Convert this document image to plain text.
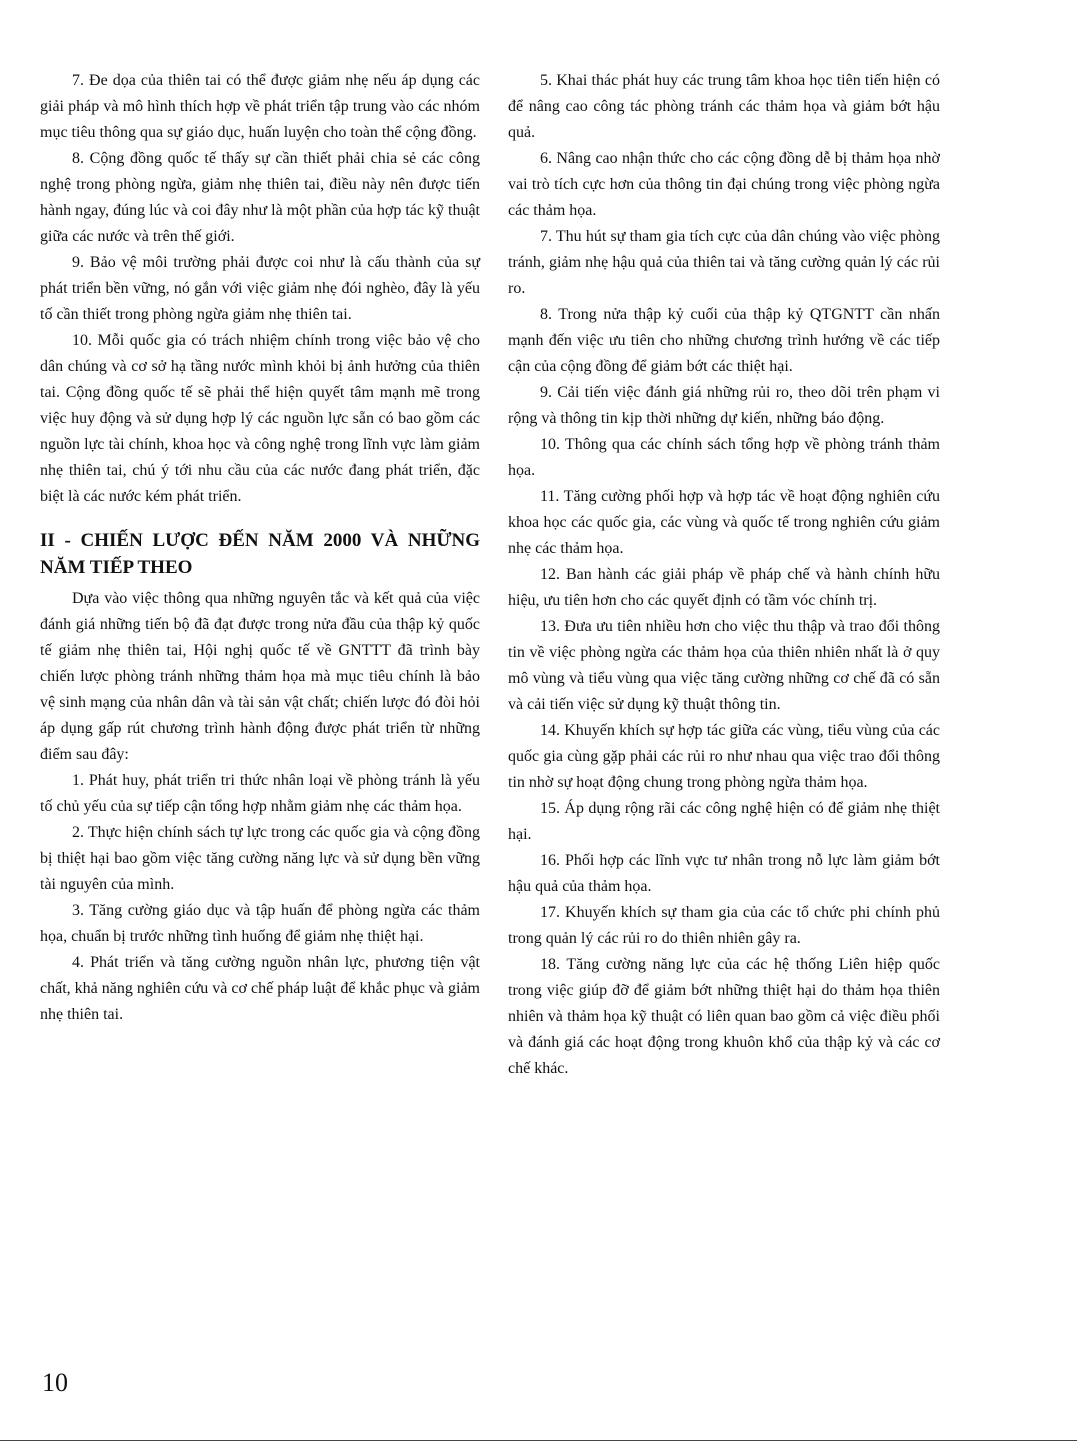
7. Đe dọa của thiên tai có thể được giảm nhẹ nếu áp dụng các giải pháp và mô hình thích hợp về phát triển tập trung vào các nhóm mục tiêu thông qua sự giáo dục, huấn luyện cho toàn thể cộng đồng.

8. Cộng đồng quốc tế thấy sự cần thiết phải chia sẻ các công nghệ trong phòng ngừa, giảm nhẹ thiên tai, điều này nên được tiến hành ngay, đúng lúc và coi đây như là một phần của hợp tác kỹ thuật giữa các nước và trên thế giới.

9. Bảo vệ môi trường phải được coi như là cấu thành của sự phát triển bền vững, nó gắn với việc giảm nhẹ đói nghèo, đây là yếu tố cần thiết trong phòng ngừa giảm nhẹ thiên tai.

10. Mỗi quốc gia có trách nhiệm chính trong việc bảo vệ cho dân chúng và cơ sở hạ tầng nước mình khỏi bị ảnh hưởng của thiên tai. Cộng đồng quốc tế sẽ phải thể hiện quyết tâm mạnh mẽ trong việc huy động và sử dụng hợp lý các nguồn lực sẵn có bao gồm các nguồn lực tài chính, khoa học và công nghệ trong lĩnh vực làm giảm nhẹ thiên tai, chú ý tới nhu cầu của các nước đang phát triển, đặc biệt là các nước kém phát triển.

II - CHIẾN LƯỢC ĐẾN NĂM 2000 VÀ NHỮNG NĂM TIẾP THEO

Dựa vào việc thông qua những nguyên tắc và kết quả của việc đánh giá những tiến bộ đã đạt được trong nửa đầu của thập kỷ quốc tế giảm nhẹ thiên tai, Hội nghị quốc tế về GNTTT đã trình bày chiến lược phòng tránh những thảm họa mà mục tiêu chính là bảo vệ sinh mạng của nhân dân và tài sản vật chất; chiến lược đó đòi hỏi áp dụng gấp rút chương trình hành động được phát triển từ những điểm sau đây:

1. Phát huy, phát triển tri thức nhân loại về phòng tránh là yếu tố chủ yếu của sự tiếp cận tổng hợp nhằm giảm nhẹ các thảm họa.

2. Thực hiện chính sách tự lực trong các quốc gia và cộng đồng bị thiệt hại bao gồm việc tăng cường năng lực và sử dụng bền vững tài nguyên của mình.

3. Tăng cường giáo dục và tập huấn để phòng ngừa các thảm họa, chuẩn bị trước những tình huống để giảm nhẹ thiệt hại.

4. Phát triển và tăng cường nguồn nhân lực, phương tiện vật chất, khả năng nghiên cứu và cơ chế pháp luật để khắc phục và giảm nhẹ thiên tai.

5. Khai thác phát huy các trung tâm khoa học tiên tiến hiện có để nâng cao công tác phòng tránh các thảm họa và giảm bớt hậu quả.

6. Nâng cao nhận thức cho các cộng đồng dễ bị thảm họa nhờ vai trò tích cực hơn của thông tin đại chúng trong việc phòng ngừa các thảm họa.

7. Thu hút sự tham gia tích cực của dân chúng vào việc phòng tránh, giảm nhẹ hậu quả của thiên tai và tăng cường quản lý các rủi ro.

8. Trong nửa thập kỷ cuối của thập kỷ QTGNTT cần nhấn mạnh đến việc ưu tiên cho những chương trình hướng về các tiếp cận của cộng đồng để giảm bớt các thiệt hại.

9. Cải tiến việc đánh giá những rủi ro, theo dõi trên phạm vi rộng và thông tin kịp thời những dự kiến, những báo động.

10. Thông qua các chính sách tổng hợp về phòng tránh thảm họa.

11. Tăng cường phối hợp và hợp tác về hoạt động nghiên cứu khoa học các quốc gia, các vùng và quốc tế trong nghiên cứu giảm nhẹ các thảm họa.

12. Ban hành các giải pháp về pháp chế và hành chính hữu hiệu, ưu tiên hơn cho các quyết định có tầm vóc chính trị.

13. Đưa ưu tiên nhiều hơn cho việc thu thập và trao đổi thông tin về việc phòng ngừa các thảm họa của thiên nhiên nhất là ở quy mô vùng và tiểu vùng qua việc tăng cường những cơ chế đã có sẵn và cải tiến việc sử dụng kỹ thuật thông tin.

14. Khuyến khích sự hợp tác giữa các vùng, tiểu vùng của các quốc gia cùng gặp phải các rủi ro như nhau qua việc trao đổi thông tin nhờ sự hoạt động chung trong phòng ngừa thảm họa.

15. Áp dụng rộng rãi các công nghệ hiện có để giảm nhẹ thiệt hại.

16. Phối hợp các lĩnh vực tư nhân trong nỗ lực làm giảm bớt hậu quả của thảm họa.

17. Khuyến khích sự tham gia của các tổ chức phi chính phủ trong quản lý các rủi ro do thiên nhiên gây ra.

18. Tăng cường năng lực của các hệ thống Liên hiệp quốc trong việc giúp đỡ để giảm bớt những thiệt hại do thảm họa thiên nhiên và thảm họa kỹ thuật có liên quan bao gồm cả việc điều phối và đánh giá các hoạt động trong khuôn khổ của thập kỷ và các cơ chế khác.

10
